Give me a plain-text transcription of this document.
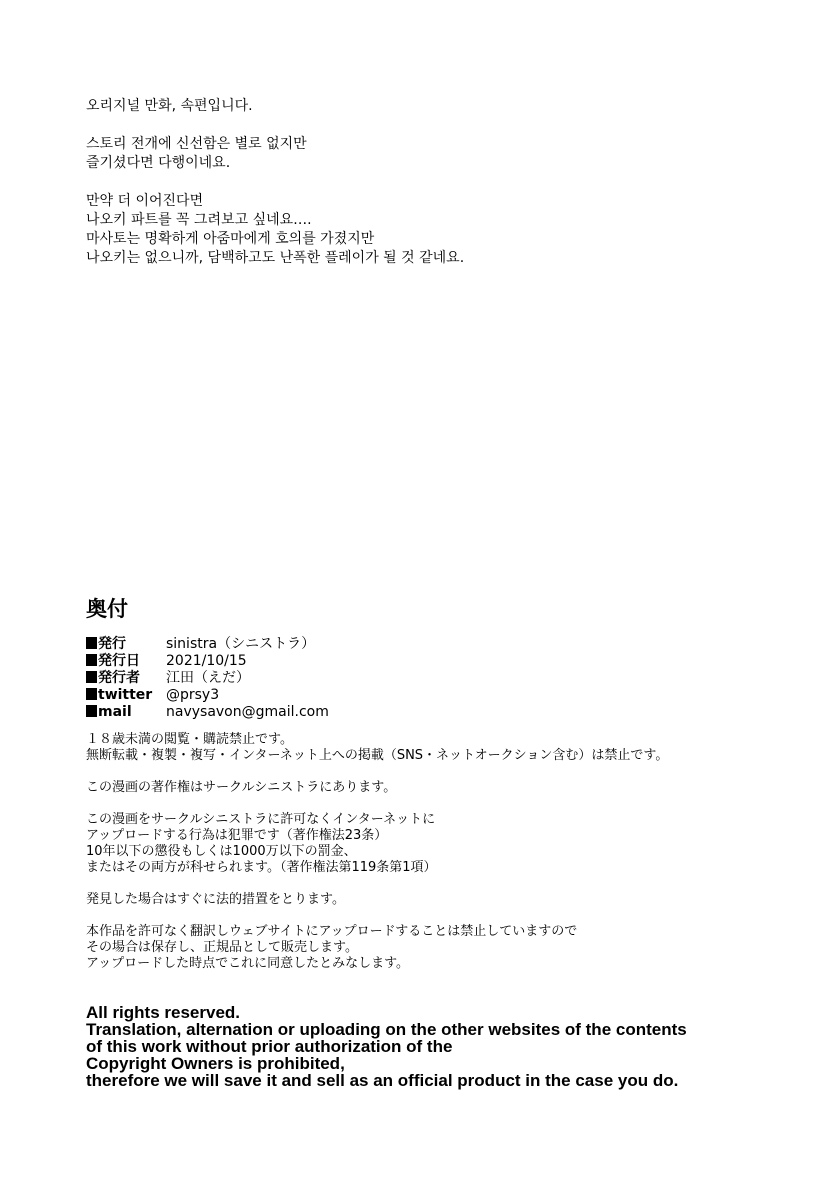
오리지널 만화, 속편입니다.

스토리 전개에 신선함은 별로 없지만
즐기셨다면 다행이네요.

만약 더 이어진다면
나오키 파트를 꼭 그려보고 싶네요….
마사토는 명확하게 아줌마에게 호의를 가졌지만
나오키는 없으니까, 담백하고도 난폭한 플레이가 될 것 같네요.

奥付
発行	sinistra（シニストラ）
発行日	2021/10/15
発行者	江田（えだ）
twitter @prsy3
mail	navysavon@gmail.com
１８歳未満の閲覧・購読禁止です。
無断転載・複製・複写・インターネット上への掲載（SNS・ネットオークション含む）は禁止です。
この漫画の著作権はサークルシニストラにあります。
この漫画をサークルシニストラに許可なくインターネットに
アップロードする行為は犯罪です（著作権法23条）
10年以下の懲役もしくは1000万以下の罰金、
またはその両方が科せられます。（著作権法第119条第1項）
発見した場合はすぐに法的措置をとります。
本作品を許可なく翻訳しウェブサイトにアップロードすることは禁止していますので
その場合は保存し、正規品として販売します。
アップロードした時点でこれに同意したとみなします。
All rights reserved.
Translation, alternation or uploading on the other websites of the contents
of this work without prior authorization of the
Copyright Owners is prohibited,
therefore we will save it and sell as an official product in the case you do.
